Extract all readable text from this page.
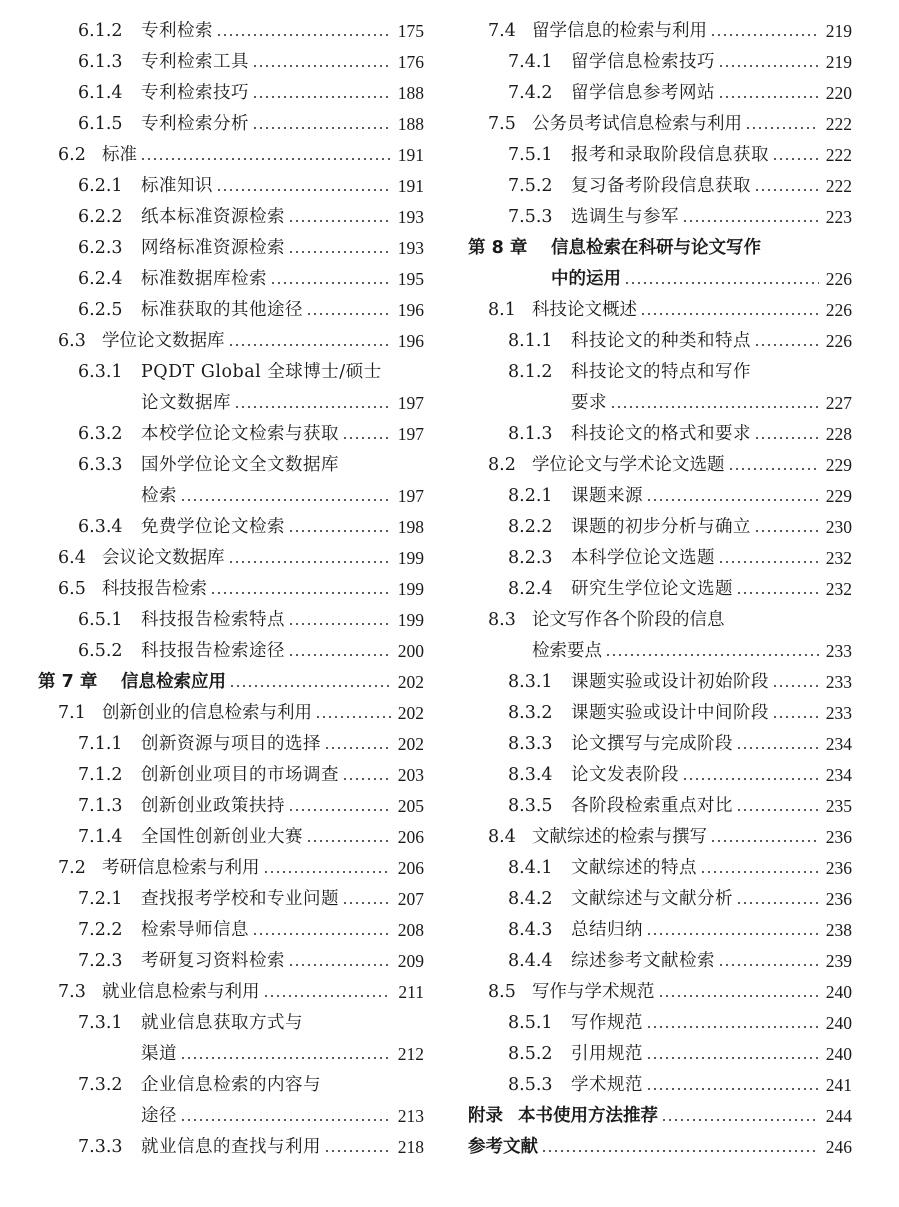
6.1.2	专利检索	175
6.1.3	专利检索工具	176
6.1.4	专利检索技巧	188
6.1.5	专利检索分析	188
6.2 标准	191
6.2.1	标准知识	191
6.2.2	纸本标准资源检索	193
6.2.3	网络标准资源检索	193
6.2.4	标准数据库检索	195
6.2.5	标准获取的其他途径	196
6.3 学位论文数据库	196
6.3.1	PQDT Global 全球博士/硕士
论文数据库	197
6.3.2	本校学位论文检索与获取	197
6.3.3	国外学位论文全文数据库
检索	197
6.3.4	免费学位论文检索	198
6.4 会议论文数据库	199
6.5 科技报告检索	199
6.5.1	科技报告检索特点	199
6.5.2	科技报告检索途径	200
第 7 章	信息检索应用	202
7.1 创新创业的信息检索与利用	202
7.1.1	创新资源与项目的选择	202
7.1.2	创新创业项目的市场调查	203
7.1.3	创新创业政策扶持	205
7.1.4	全国性创新创业大赛	206
7.2 考研信息检索与利用	206
7.2.1	查找报考学校和专业问题	207
7.2.2	检索导师信息	208
7.2.3	考研复习资料检索	209
7.3 就业信息检索与利用	211
7.3.1	就业信息获取方式与
渠道	212
7.3.2	企业信息检索的内容与
途径	213
7.3.3	就业信息的查找与利用	218
7.4 留学信息的检索与利用	219
7.4.1	留学信息检索技巧	219
7.4.2	留学信息参考网站	220
7.5 公务员考试信息检索与利用	222
7.5.1	报考和录取阶段信息获取	222
7.5.2	复习备考阶段信息获取	222
7.5.3	选调生与参军	223
第 8 章	信息检索在科研与论文写作
中的运用	226
8.1 科技论文概述	226
8.1.1	科技论文的种类和特点	226
8.1.2	科技论文的特点和写作
要求	227
8.1.3	科技论文的格式和要求	228
8.2 学位论文与学术论文选题	229
8.2.1	课题来源	229
8.2.2	课题的初步分析与确立	230
8.2.3	本科学位论文选题	232
8.2.4	研究生学位论文选题	232
8.3 论文写作各个阶段的信息
检索要点	233
8.3.1	课题实验或设计初始阶段	233
8.3.2	课题实验或设计中间阶段	233
8.3.3	论文撰写与完成阶段	234
8.3.4	论文发表阶段	234
8.3.5	各阶段检索重点对比	235
8.4 文献综述的检索与撰写	236
8.4.1	文献综述的特点	236
8.4.2	文献综述与文献分析	236
8.4.3	总结归纳	238
8.4.4	综述参考文献检索	239
8.5 写作与学术规范	240
8.5.1	写作规范	240
8.5.2	引用规范	240
8.5.3	学术规范	241
附录 本书使用方法推荐	244
参考文献	246
